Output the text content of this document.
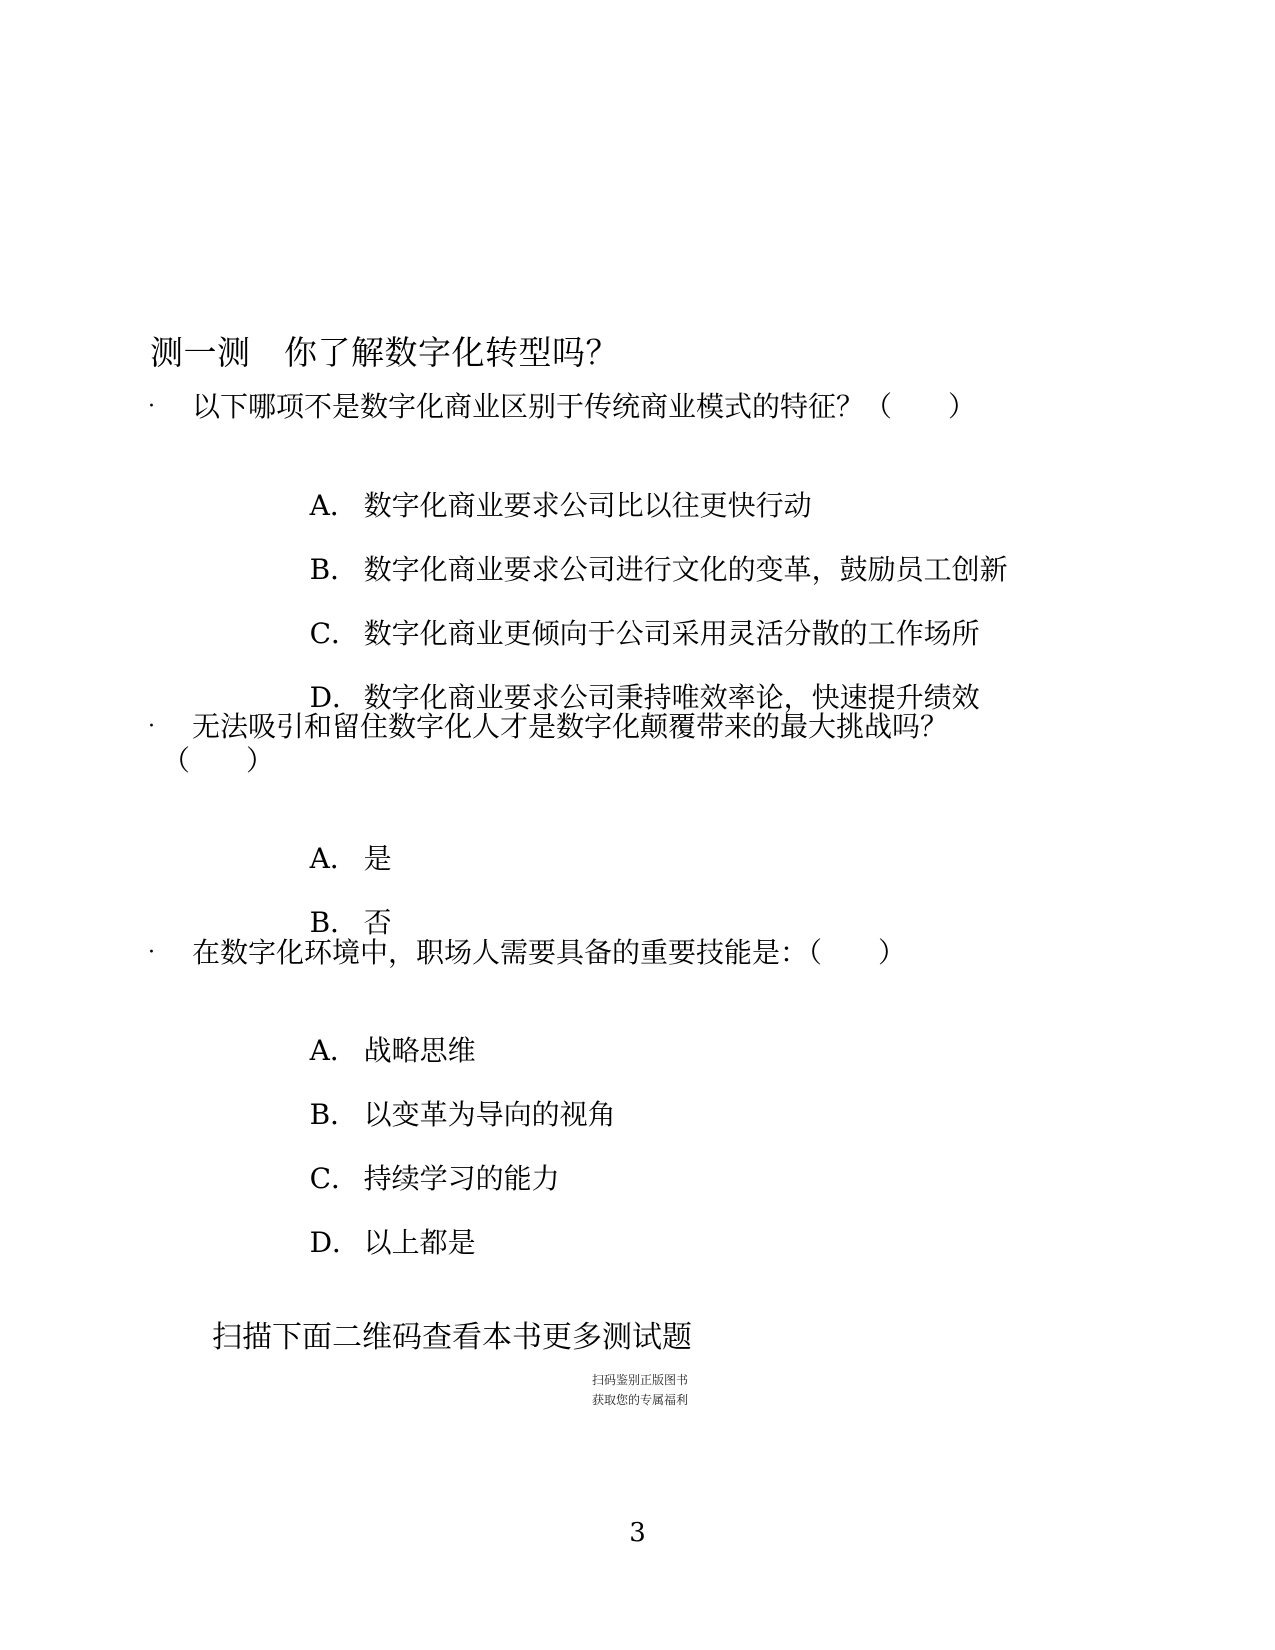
测一测　你了解数字化转型吗？
·	以下哪项不是数字化商业区别于传统商业模式的特征？（　　）

A． 数字化商业要求公司比以往更快行动

B． 数字化商业要求公司进行文化的变革，鼓励员工创新

C． 数字化商业更倾向于公司采用灵活分散的工作场所

D． 数字化商业要求公司秉持唯效率论，快速提升绩效

·	无法吸引和留住数字化人才是数字化颠覆带来的最大挑战吗？
（　　）

A． 是

B． 否

·	在数字化环境中，职场人需要具备的重要技能是：（　　）

A． 战略思维

B． 以变革为导向的视角

C． 持续学习的能力

D． 以上都是

扫描下面二维码查看本书更多测试题
扫码鉴别正版图书
获取您的专属福利
3
